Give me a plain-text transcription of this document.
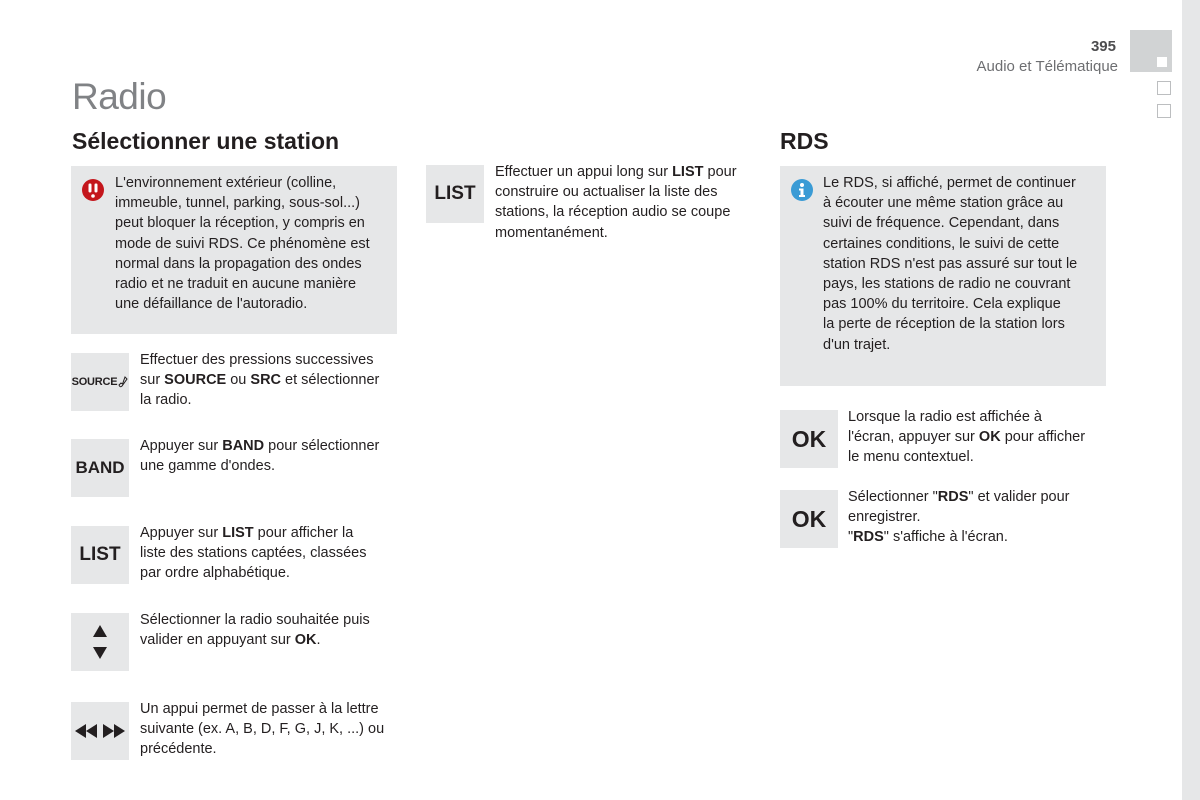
395
Audio et Télématique
Radio
Sélectionner une station	RDS
L'environnement extérieur (colline,
immeuble, tunnel, parking, sous-sol...)
peut bloquer la réception, y compris en
mode de suivi RDS. Ce phénomène est
normal dans la propagation des ondes
radio et ne traduit en aucune manière
une défaillance de l'autoradio.
SOURCE
Effectuer des pressions successives
sur SOURCE ou SRC et sélectionner
la radio.
BAND
Appuyer sur BAND pour sélectionner
une gamme d'ondes.
LIST
Appuyer sur LIST pour afficher la
liste des stations captées, classées
par ordre alphabétique.
Sélectionner la radio souhaitée puis
valider en appuyant sur OK.
Un appui permet de passer à la lettre
suivante (ex. A, B, D, F, G, J, K, ...) ou
précédente.
LIST
Effectuer un appui long sur LIST pour
construire ou actualiser la liste des
stations, la réception audio se coupe
momentanément.
Le RDS, si affiché, permet de continuer
à écouter une même station grâce au
suivi de fréquence. Cependant, dans
certaines conditions, le suivi de cette
station RDS n'est pas assuré sur tout le
pays, les stations de radio ne couvrant
pas 100% du territoire. Cela explique
la perte de réception de la station lors
d'un trajet.
OK
Lorsque la radio est affichée à
l'écran, appuyer sur OK pour afficher
le menu contextuel.
OK
Sélectionner "RDS" et valider pour
enregistrer.
"RDS" s'affiche à l'écran.
